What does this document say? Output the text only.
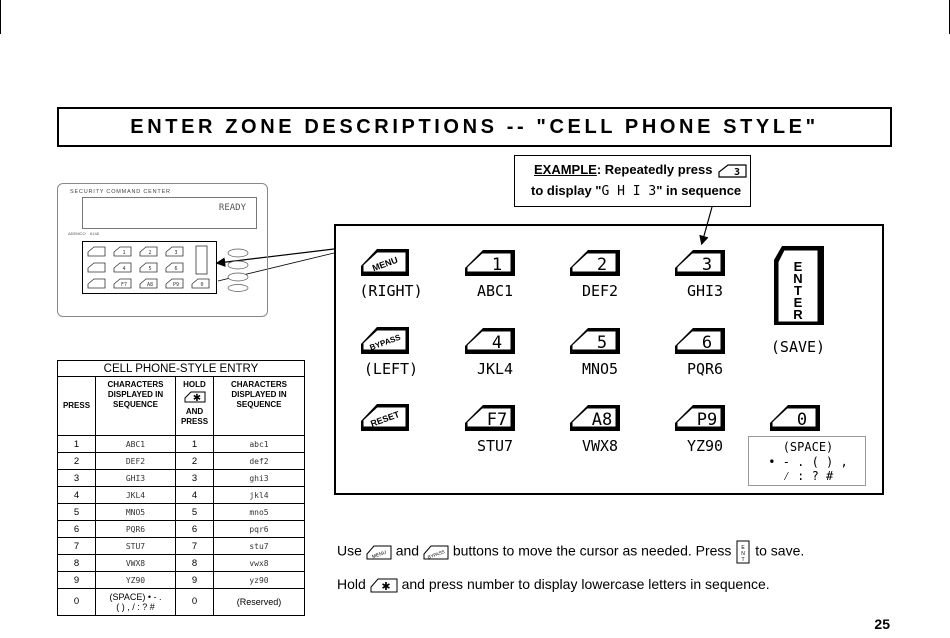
ENTER ZONE DESCRIPTIONS -- "CELL PHONE STYLE"
EXAMPLE: Repeatedly press 3
to display "G H I 3" in sequence
SECURITY COMMAND CENTER
READY
ADEMCO 6148
1	2	3
4	5	6
F7	A8	P9	0
MENU
(RIGHT)
1
ABC1
2
DEF2
3
GHI3
BYPASS
(LEFT)
4
JKL4
5
MNO5
6
PQR6
RESET	F7
STU7
A8
VWX8
P9
YZ90
0
E
N
T
E
R
(SAVE)
(SPACE)
• - . ( ) ,
⁄ : ? #
CELL PHONE-STYLE ENTRY			
PRESS	CHARACTERS DISPLAYED IN SEQUENCE	HOLD
✱
AND PRESS	CHARACTERS DISPLAYED IN SEQUENCE
1	ABC1	1	abc1
2	DEF2	2	def2
3	GHI3	3	ghi3
4	JKL4	4	jkl4
5	MNO5	5	mno5
6	PQR6	6	pqr6
7	STU7	7	stu7
8	VWX8	8	vwx8
9	YZ90	9	yz90
0	(SPACE) • - .
( ) , / : ? #	0	(Reserved)
Use MENU and BYPASS buttons to move the cursor as needed. Press E
N
T
to save.
Hold ✱ and press number to display lowercase letters in sequence.
25
